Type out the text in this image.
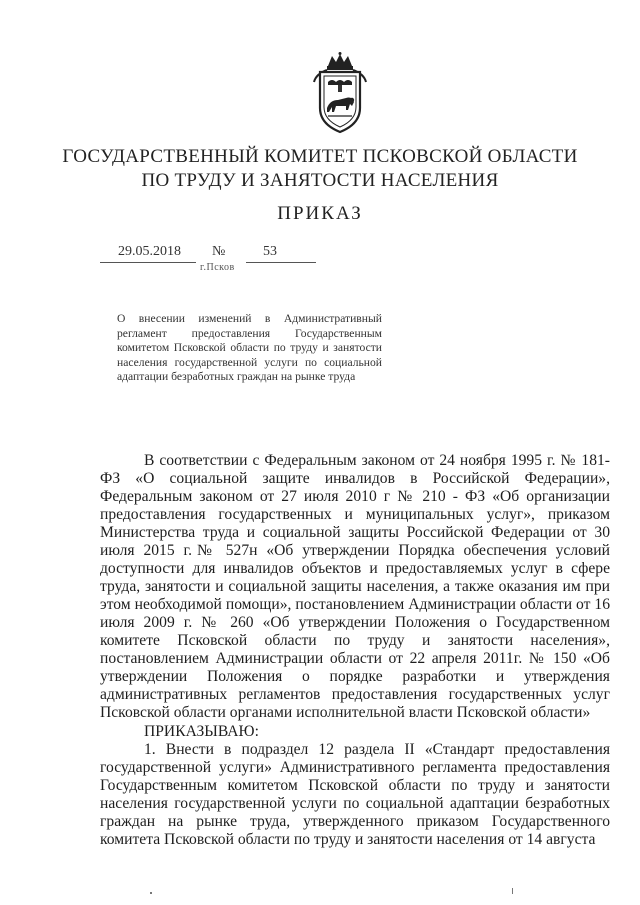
ГОСУДАРСТВЕННЫЙ КОМИТЕТ ПСКОВСКОЙ ОБЛАСТИ
ПО ТРУДУ И ЗАНЯТОСТИ НАСЕЛЕНИЯ
ПРИКАЗ
29.05.2018 №	53
г.Псков
О внесении изменений в Административный регламент предоставления Государственным комитетом Псковской области по труду и занятости населения государственной услуги по социальной адаптации безработных граждан на рынке труда
В соответствии с Федеральным законом от 24 ноября 1995 г. № 181-ФЗ «О социальной защите инвалидов в Российской Федерации», Федеральным законом от 27 июля 2010 г № 210 - ФЗ «Об организации предоставления государственных и муниципальных услуг», приказом Министерства труда и социальной защиты Российской Федерации от 30 июля 2015 г.№ 527н «Об утверждении Порядка обеспечения условий доступности для инвалидов объектов и предоставляемых услуг в сфере труда, занятости и социальной защиты населения, а также оказания им при этом необходимой помощи», постановлением Администрации области от 16 июля 2009 г. № 260 «Об утверждении Положения о Государственном комитете Псковской области по труду и занятости населения», постановлением Администрации области от 22 апреля 2011г. № 150 «Об утверждении Положения о порядке разработки и утверждения административных регламентов предоставления государственных услуг Псковской области органами исполнительной власти Псковской области»
ПРИКАЗЫВАЮ:
1. Внести в подраздел 12 раздела II «Стандарт предоставления государственной услуги» Административного регламента предоставления Государственным комитетом Псковской области по труду и занятости населения государственной услуги по социальной адаптации безработных граждан на рынке труда, утвержденного приказом Государственного комитета Псковской области по труду и занятости населения от 14 августа
